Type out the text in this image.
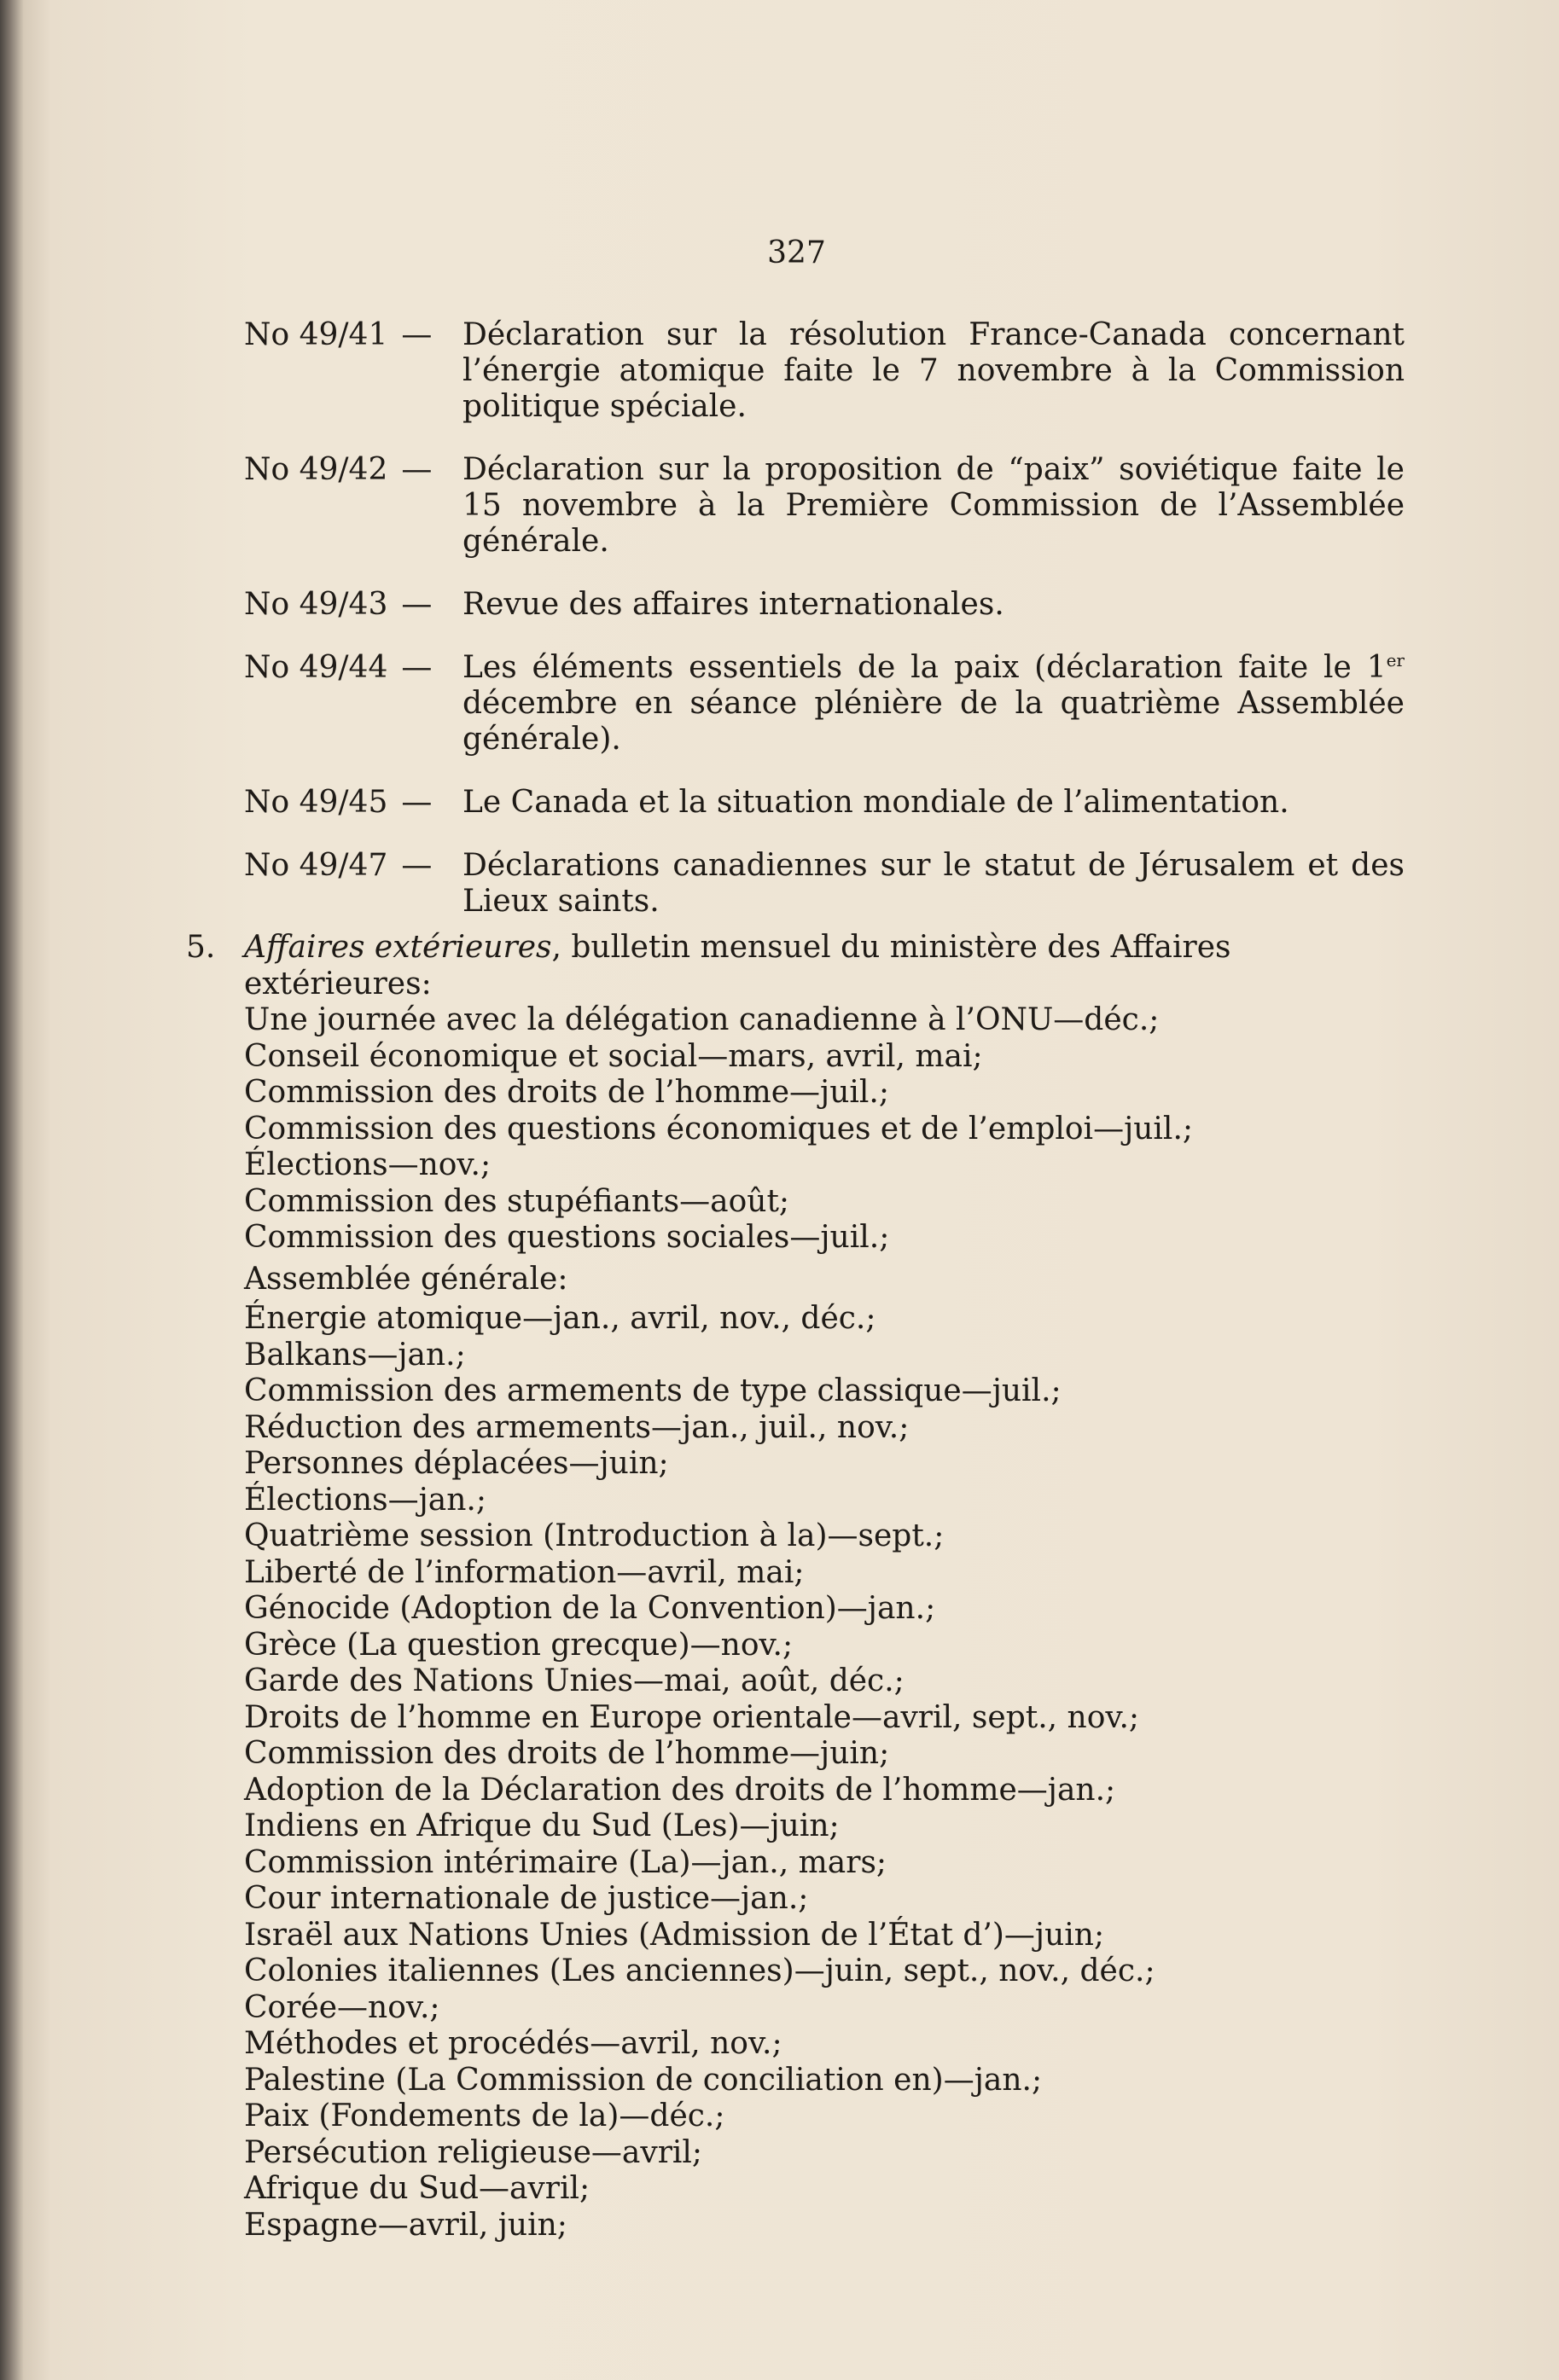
327
No 49/41 — Déclaration sur la résolution France-Canada concernant l’énergie atomique faite le 7 novembre à la Commission politique spéciale.
No 49/42 — Déclaration sur la proposition de “paix” soviétique faite le 15 novembre à la Première Commission de l’Assemblée générale.
No 49/43 — Revue des affaires internationales.
No 49/44 — Les éléments essentiels de la paix (déclaration faite le 1er décembre en séance plénière de la quatrième Assemblée générale).
No 49/45 — Le Canada et la situation mondiale de l’alimentation.
No 49/47 — Déclarations canadiennes sur le statut de Jérusalem et des Lieux saints.
5. Affaires extérieures, bulletin mensuel du ministère des Affaires extérieures:
Une journée avec la délégation canadienne à l’ONU—déc.;
Conseil économique et social—mars, avril, mai;
Commission des droits de l’homme—juil.;
Commission des questions économiques et de l’emploi—juil.;
Élections—nov.;
Commission des stupéfiants—août;
Commission des questions sociales—juil.;
Assemblée générale:
Énergie atomique—jan., avril, nov., déc.;
Balkans—jan.;
Commission des armements de type classique—juil.;
Réduction des armements—jan., juil., nov.;
Personnes déplacées—juin;
Élections—jan.;
Quatrième session (Introduction à la)—sept.;
Liberté de l’information—avril, mai;
Génocide (Adoption de la Convention)—jan.;
Grèce (La question grecque)—nov.;
Garde des Nations Unies—mai, août, déc.;
Droits de l’homme en Europe orientale—avril, sept., nov.;
Commission des droits de l’homme—juin;
Adoption de la Déclaration des droits de l’homme—jan.;
Indiens en Afrique du Sud (Les)—juin;
Commission intérimaire (La)—jan., mars;
Cour internationale de justice—jan.;
Israël aux Nations Unies (Admission de l’État d’)—juin;
Colonies italiennes (Les anciennes)—juin, sept., nov., déc.;
Corée—nov.;
Méthodes et procédés—avril, nov.;
Palestine (La Commission de conciliation en)—jan.;
Paix (Fondements de la)—déc.;
Persécution religieuse—avril;
Afrique du Sud—avril;
Espagne—avril, juin;
